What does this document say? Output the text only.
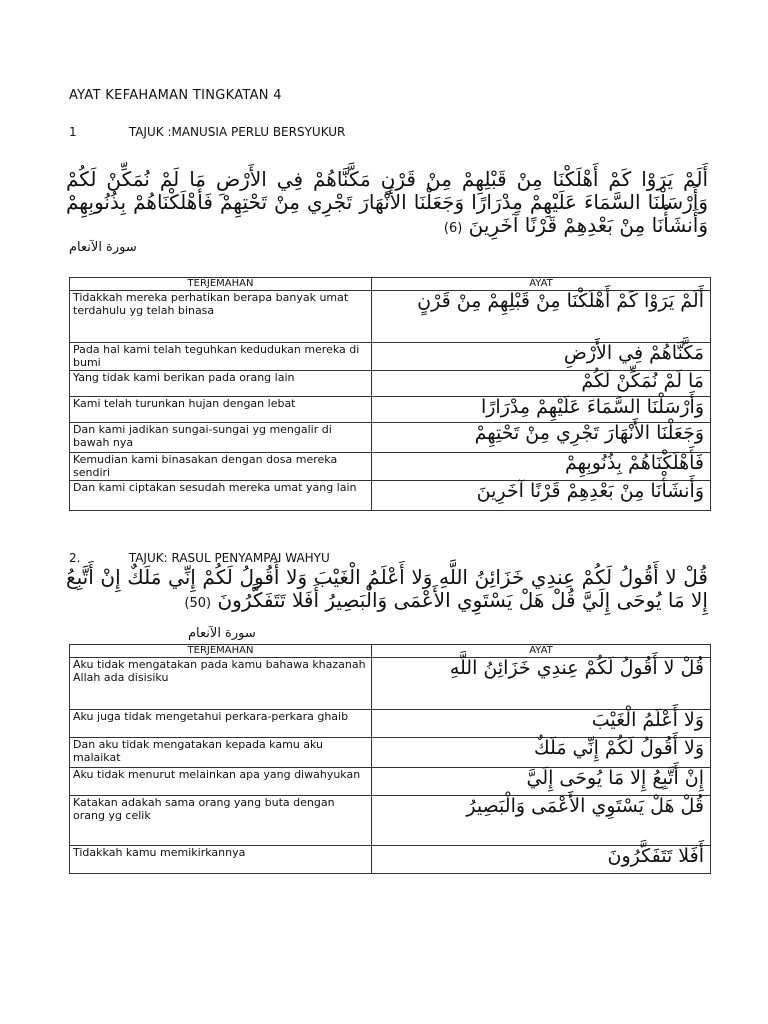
AYAT KEFAHAMAN TINGKATAN 4
1	TAJUK :MANUSIA PERLU BERSYUKUR
أَلَمْ يَرَوْا كَمْ أَهْلَكْنَا مِنْ قَبْلِهِمْ مِنْ قَرْنٍ مَكَّنَّاهُمْ فِي الأَرْضِ مَا لَمْ نُمَكِّنْ لَكُمْ وَأَرْسَلْنَا السَّمَاءَ عَلَيْهِمْ مِدْرَارًا وَجَعَلْنَا الأَنْهَارَ تَجْرِي مِنْ تَحْتِهِمْ فَأَهْلَكْنَاهُمْ بِذُنُوبِهِمْ وَأَنشَأْنَا مِنْ بَعْدِهِمْ قَرْنًا آخَرِينَ (6)
سورة الآنعام
TERJEMAHAN	AYAT
Tidakkah mereka perhatikan berapa banyak umat terdahulu yg telah binasa	أَلَمْ يَرَوْا كَمْ أَهْلَكْنَا مِنْ قَبْلِهِمْ مِنْ قَرْنٍ
Pada hal kami telah teguhkan kedudukan mereka di bumi	مَكَّنَّاهُمْ فِي الأَرْضِ
Yang tidak kami berikan pada orang lain	مَا لَمْ نُمَكِّنْ لَكُمْ
Kami telah turunkan hujan dengan lebat	وَأَرْسَلْنَا السَّمَاءَ عَلَيْهِمْ مِدْرَارًا
Dan kami jadikan sungai-sungai yg mengalir di bawah nya	وَجَعَلْنَا الأَنْهَارَ تَجْرِي مِنْ تَحْتِهِمْ
Kemudian kami binasakan dengan dosa mereka sendiri	فَأَهْلَكْنَاهُمْ بِذُنُوبِهِمْ
Dan kami ciptakan sesudah mereka umat yang lain	وَأَنشَأْنَا مِنْ بَعْدِهِمْ قَرْنًا آخَرِينَ
2.	TAJUK: RASUL PENYAMPAI WAHYU
قُلْ لا أَقُولُ لَكُمْ عِندِي خَزَائِنُ اللَّهِ وَلا أَعْلَمُ الْغَيْبَ وَلا أَقُولُ لَكُمْ إِنِّي مَلَكٌ إِنْ أَتَّبِعُ إِلا مَا يُوحَى إِلَيَّ قُلْ هَلْ يَسْتَوِي الأَعْمَى وَالْبَصِيرُ أَفَلا تَتَفَكَّرُونَ (50)
سورة الآنعام
TERJEMAHAN	AYAT
Aku tidak mengatakan pada kamu bahawa khazanah Allah ada disisiku	قُلْ لا أَقُولُ لَكُمْ عِندِي خَزَائِنُ اللَّهِ
Aku juga tidak mengetahui perkara-perkara ghaib	وَلا أَعْلَمُ الْغَيْبَ
Dan aku tidak mengatakan kepada kamu aku malaikat	وَلا أَقُولُ لَكُمْ إِنِّي مَلَكٌ
Aku tidak menurut melainkan apa yang diwahyukan	إِنْ أَتَّبِعُ إِلا مَا يُوحَى إِلَيَّ
Katakan adakah sama orang yang buta dengan orang yg celik	قُلْ هَلْ يَسْتَوِي الأَعْمَى وَالْبَصِيرُ
Tidakkah kamu memikirkannya	أَفَلا تَتَفَكَّرُونَ
